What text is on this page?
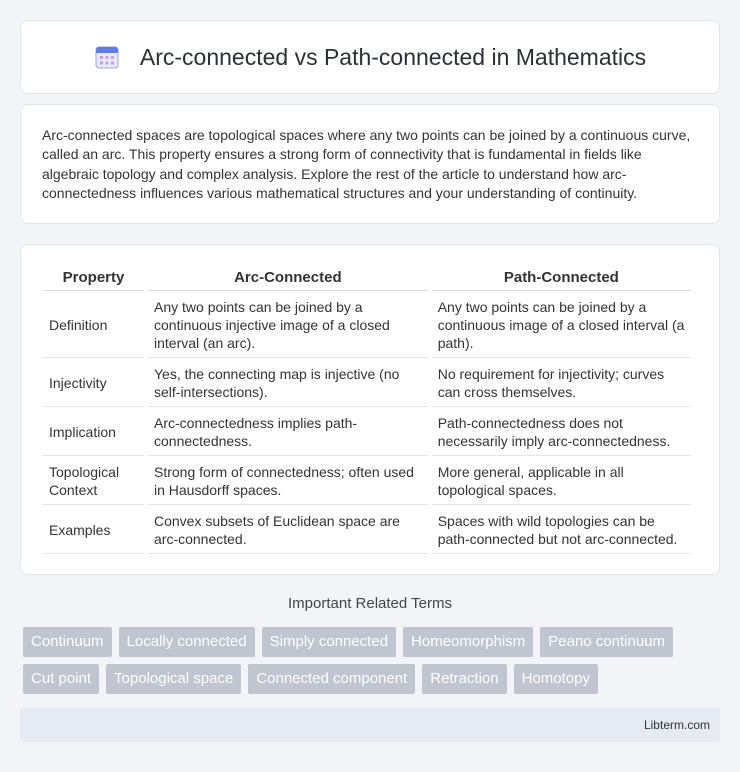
Arc-connected vs Path-connected in Mathematics

Arc-connected spaces are topological spaces where any two points can be joined by a continuous curve, called an arc. This property ensures a strong form of connectivity that is fundamental in fields like algebraic topology and complex analysis. Explore the rest of the article to understand how arc-connectedness influences various mathematical structures and your understanding of continuity.

Property	Arc-Connected	Path-Connected
Definition	Any two points can be joined by a continuous injective image of a closed interval (an arc).	Any two points can be joined by a continuous image of a closed interval (a path).
Injectivity	Yes, the connecting map is injective (no self-intersections).	No requirement for injectivity; curves can cross themselves.
Implication	Arc-connectedness implies path-connectedness.	Path-connectedness does not necessarily imply arc-connectedness.
Topological Context	Strong form of connectedness; often used in Hausdorff spaces.	More general, applicable in all topological spaces.
Examples	Convex subsets of Euclidean space are arc-connected.	Spaces with wild topologies can be path-connected but not arc-connected.
Important Related Terms
Continuum	Locally connected	Simply connected	Homeomorphism	Peano continuum
Cut point	Topological space	Connected component	Retraction	Homotopy
Libterm.com
